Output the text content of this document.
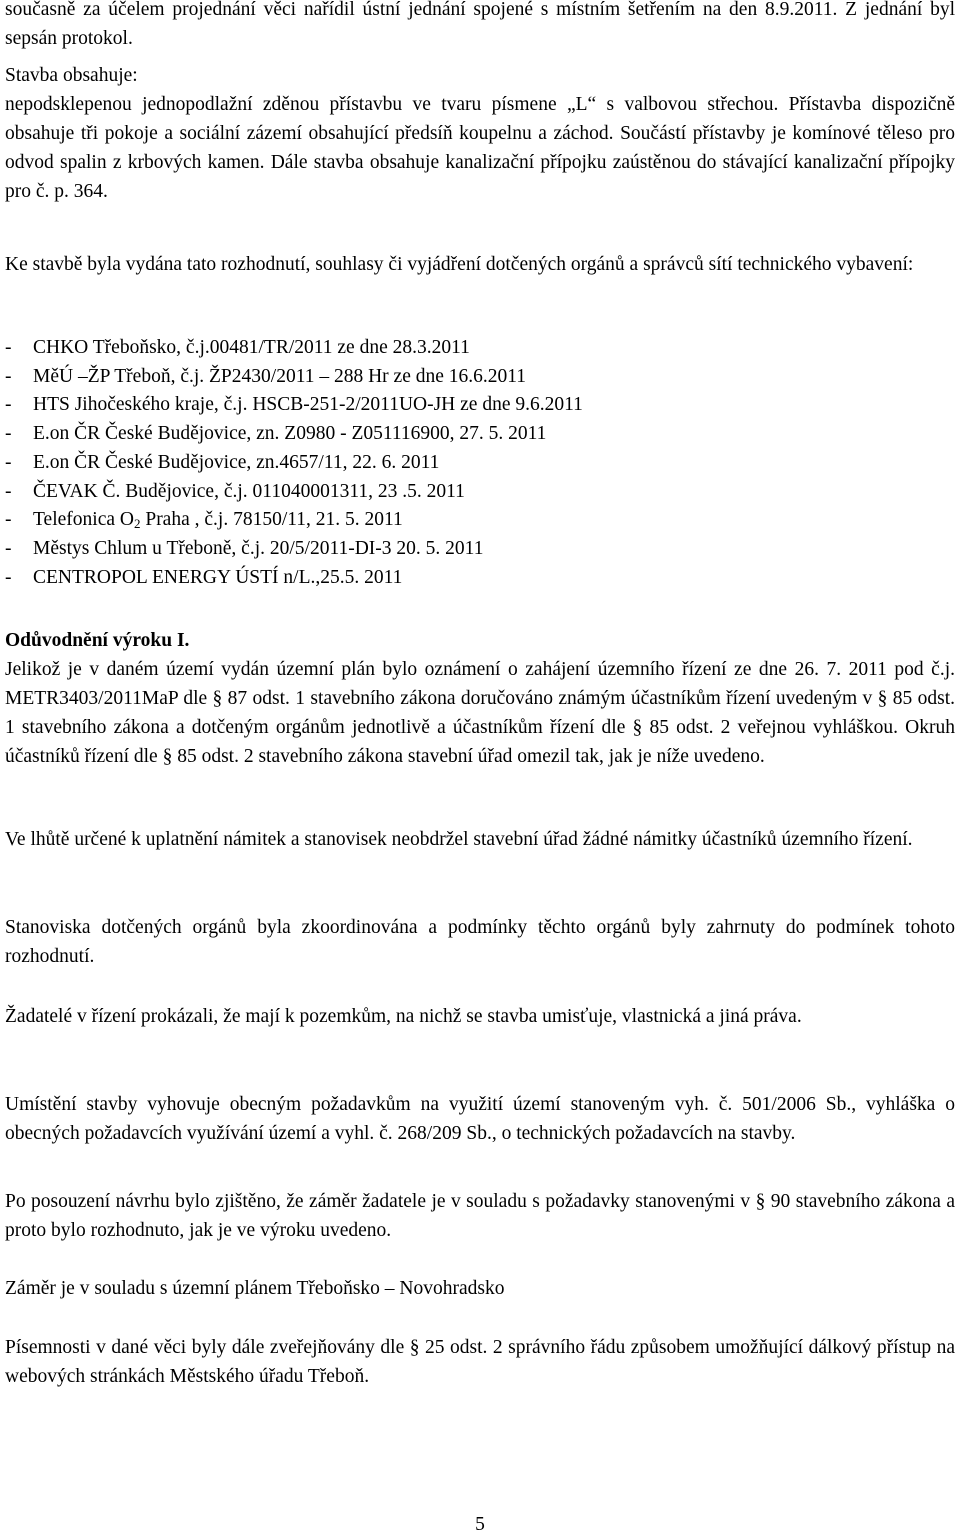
současně za účelem projednání věci nařídil ústní jednání spojené s místním šetřením na den 8.9.2011. Z jednání byl sepsán protokol.

Stavba obsahuje:

nepodsklepenou jednopodlažní zděnou přístavbu ve tvaru písmene „L“ s valbovou střechou. Přístavba dispozičně obsahuje tři pokoje a sociální zázemí obsahující předsíň koupelnu a záchod. Součástí přístavby je komínové těleso pro odvod spalin z krbových kamen. Dále stavba obsahuje kanalizační přípojku zaústěnou do stávající kanalizační přípojky pro č. p. 364.

Ke stavbě byla vydána tato rozhodnutí, souhlasy či vyjádření dotčených orgánů a správců sítí technického vybavení:

- CHKO Třeboňsko, č.j.00481/TR/2011 ze dne 28.3.2011
- MěÚ –ŽP Třeboň, č.j. ŽP2430/2011 – 288 Hr ze dne 16.6.2011
- HTS Jihočeského kraje, č.j. HSCB-251-2/2011UO-JH ze dne 9.6.2011
- E.on ČR České Budějovice, zn. Z0980 - Z051116900, 27. 5. 2011
- E.on ČR České Budějovice, zn.4657/11, 22. 6. 2011
- ČEVAK Č. Budějovice, č.j. 011040001311, 23 .5. 2011
- Telefonica $O_2$ Praha , č.j. 78150/11, 21. 5. 2011
- Městys Chlum u Třeboně, č.j. 20/5/2011-DI-3 20. 5. 2011
- CENTROPOL ENERGY ÚSTÍ n/L.,25.5. 2011

Odůvodnění výroku I.

Jelikož je v daném území vydán územní plán bylo oznámení o zahájení územního řízení ze dne 26. 7. 2011 pod č.j. METR3403/2011MaP dle § 87 odst. 1 stavebního zákona doručováno známým účastníkům řízení uvedeným v § 85 odst. 1 stavebního zákona a dotčeným orgánům jednotlivě a účastníkům řízení dle § 85 odst. 2 veřejnou vyhláškou. Okruh účastníků řízení dle § 85 odst. 2 stavebního zákona stavební úřad omezil tak, jak je níže uvedeno.

Ve lhůtě určené k uplatnění námitek a stanovisek neobdržel stavební úřad žádné námitky účastníků územního řízení.

Stanoviska dotčených orgánů byla zkoordinována a podmínky těchto orgánů byly zahrnuty do podmínek tohoto rozhodnutí.

Žadatelé v řízení prokázali, že mají k pozemkům, na nichž se stavba umisťuje, vlastnická a jiná práva.

Umístění stavby vyhovuje obecným požadavkům na využití území stanoveným vyh. č. 501/2006 Sb., vyhláška o obecných požadavcích využívání území a vyhl. č. 268/209 Sb., o technických požadavcích na stavby.

Po posouzení návrhu bylo zjištěno, že záměr žadatele je v souladu s požadavky stanovenými v § 90 stavebního zákona a proto bylo rozhodnuto, jak je ve výroku uvedeno.

Záměr je v souladu s územní plánem Třeboňsko – Novohradsko

Písemnosti v dané věci byly dále zveřejňovány dle § 25 odst. 2 správního řádu způsobem umožňující dálkový přístup na webových stránkách Městského úřadu Třeboň.

5
